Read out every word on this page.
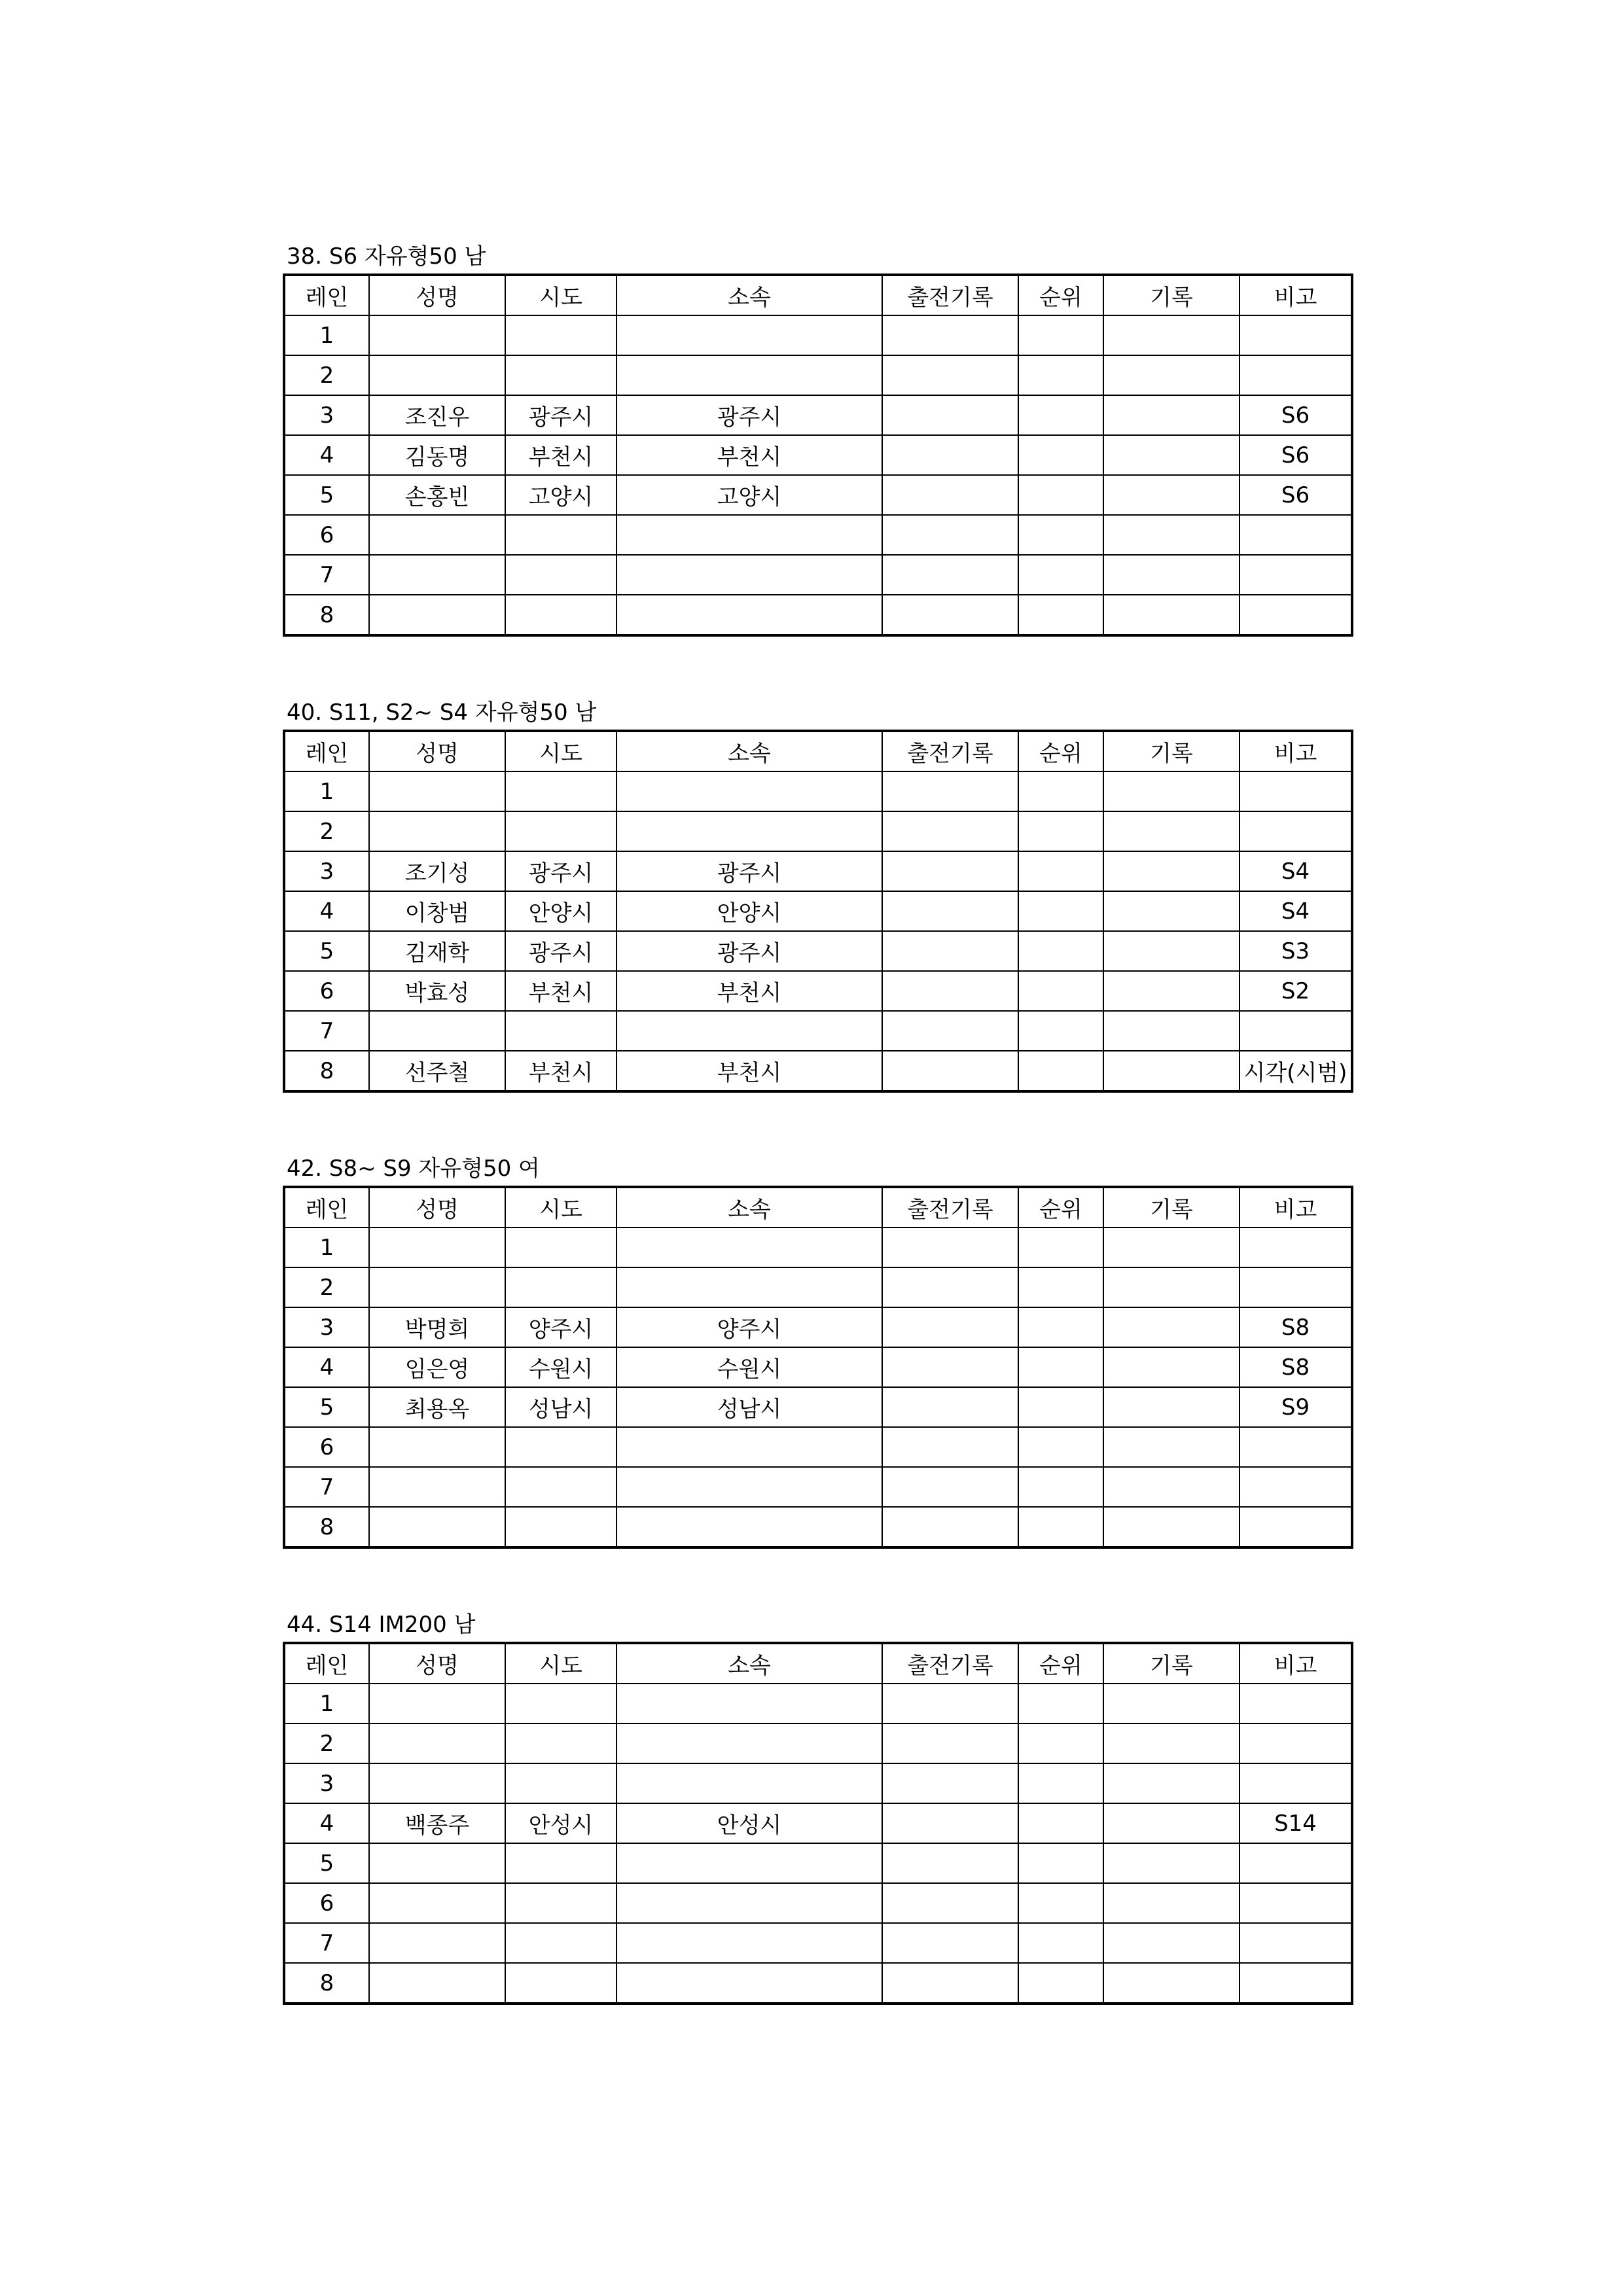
38. S6 자유형50 남
레인	성명	시도	소속	출전기록	순위	기록	비고
1							
2							
3	조진우	광주시	광주시				S6
4	김동명	부천시	부천시				S6
5	손홍빈	고양시	고양시				S6
6							
7							
8							
40. S11, S2~ S4 자유형50 남
레인	성명	시도	소속	출전기록	순위	기록	비고
1							
2							
3	조기성	광주시	광주시				S4
4	이창범	안양시	안양시				S4
5	김재학	광주시	광주시				S3
6	박효성	부천시	부천시				S2
7							
8	선주철	부천시	부천시				시각(시범)
42. S8~ S9 자유형50 여
레인	성명	시도	소속	출전기록	순위	기록	비고
1							
2							
3	박명희	양주시	양주시				S8
4	임은영	수원시	수원시				S8
5	최용옥	성남시	성남시				S9
6							
7							
8							
44. S14 IM200 남
레인	성명	시도	소속	출전기록	순위	기록	비고
1							
2							
3							
4	백종주	안성시	안성시				S14
5							
6							
7							
8							
